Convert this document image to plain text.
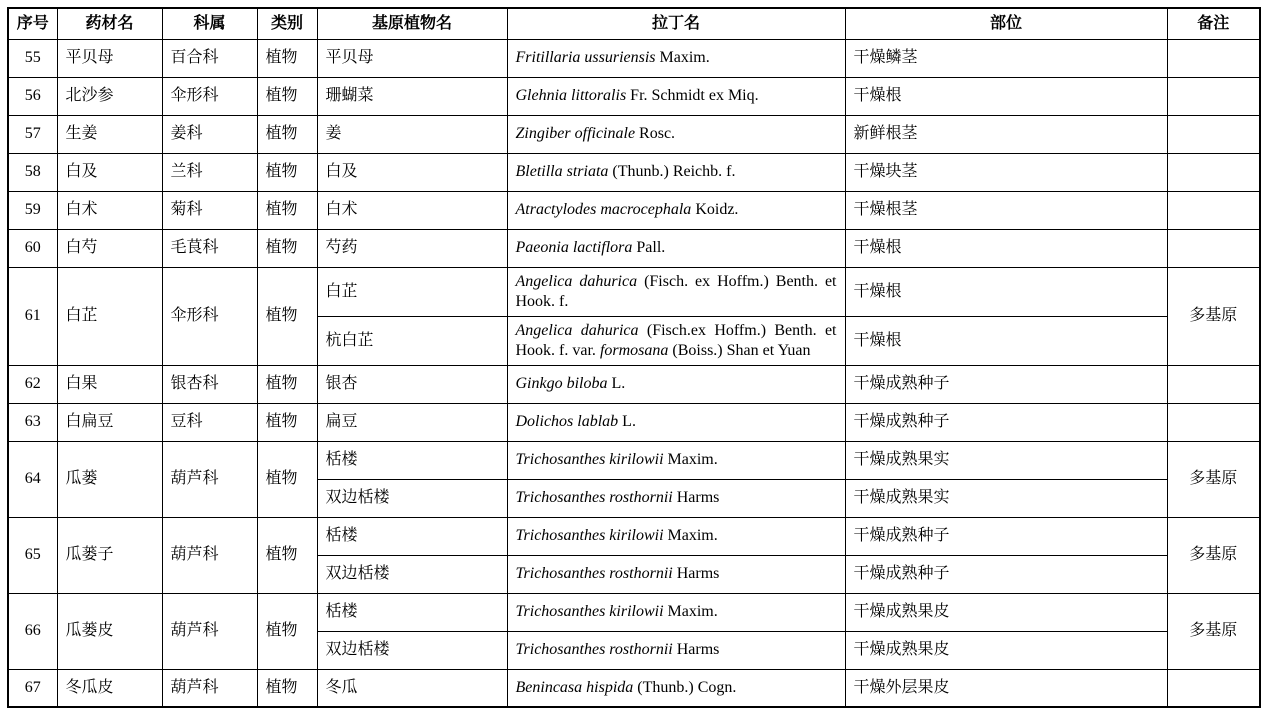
序号	药材名	科属	类别	基原植物名	拉丁名	部位	备注
55	平贝母	百合科	植物	平贝母	Fritillaria ussuriensis Maxim.	干燥鳞茎	
56	北沙参	伞形科	植物	珊蝴菜	Glehnia littoralis Fr. Schmidt ex Miq.	干燥根	
57	生姜	姜科	植物	姜	Zingiber officinale Rosc.	新鲜根茎	
58	白及	兰科	植物	白及	Bletilla striata (Thunb.) Reichb. f.	干燥块茎	
59	白术	菊科	植物	白术	Atractylodes macrocephala Koidz.	干燥根茎	
60	白芍	毛茛科	植物	芍药	Paeonia lactiflora Pall.	干燥根	
61	白芷	伞形科	植物	白芷	Angelica dahurica (Fisch. ex Hoffm.) Benth. et Hook. f.	干燥根	多基原
				杭白芷	Angelica dahurica (Fisch.ex Hoffm.) Benth. et Hook. f. var. formosana (Boiss.) Shan et Yuan	干燥根	
62	白果	银杏科	植物	银杏	Ginkgo biloba L.	干燥成熟种子	
63	白扁豆	豆科	植物	扁豆	Dolichos lablab L.	干燥成熟种子	
64	瓜蒌	葫芦科	植物	栝楼	Trichosanthes kirilowii Maxim.	干燥成熟果实	多基原
				双边栝楼	Trichosanthes rosthornii Harms	干燥成熟果实	
65	瓜蒌子	葫芦科	植物	栝楼	Trichosanthes kirilowii Maxim.	干燥成熟种子	多基原
				双边栝楼	Trichosanthes rosthornii Harms	干燥成熟种子	
66	瓜蒌皮	葫芦科	植物	栝楼	Trichosanthes kirilowii Maxim.	干燥成熟果皮	多基原
				双边栝楼	Trichosanthes rosthornii Harms	干燥成熟果皮	
67	冬瓜皮	葫芦科	植物	冬瓜	Benincasa hispida (Thunb.) Cogn.	干燥外层果皮	
